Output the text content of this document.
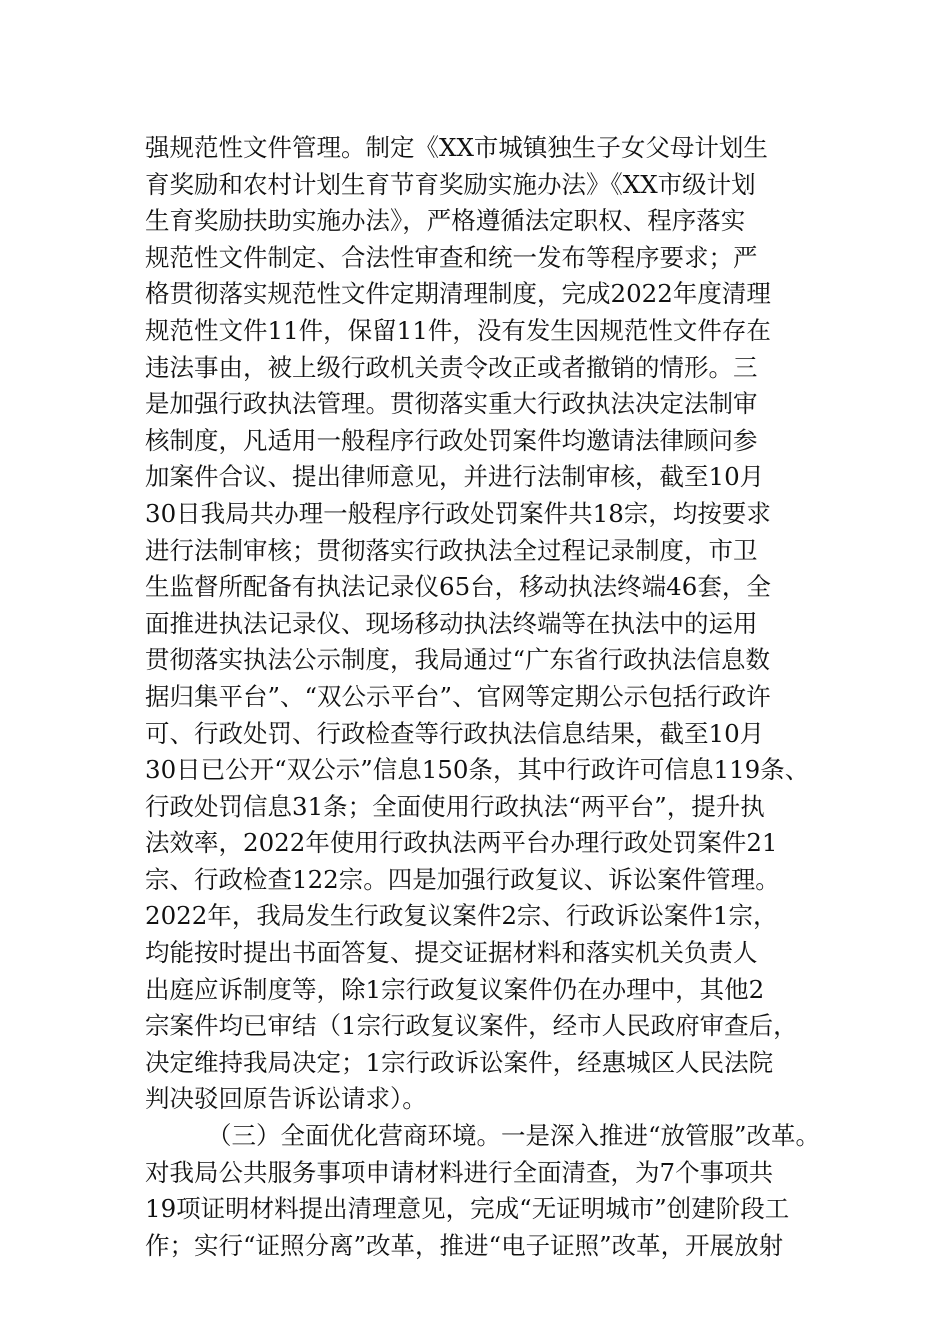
强规范性文件管理。制定《XX市城镇独生子女父母计划生
育奖励和农村计划生育节育奖励实施办法》《XX市级计划
生育奖励扶助实施办法》，严格遵循法定职权、程序落实
规范性文件制定、合法性审查和统一发布等程序要求；严
格贯彻落实规范性文件定期清理制度，完成2022年度清理
规范性文件11件，保留11件，没有发生因规范性文件存在
违法事由，被上级行政机关责令改正或者撤销的情形。三
是加强行政执法管理。贯彻落实重大行政执法决定法制审
核制度，凡适用一般程序行政处罚案件均邀请法律顾问参
加案件合议、提出律师意见，并进行法制审核，截至10月
30日我局共办理一般程序行政处罚案件共18宗，均按要求
进行法制审核；贯彻落实行政执法全过程记录制度，市卫
生监督所配备有执法记录仪65台，移动执法终端46套，全
面推进执法记录仪、现场移动执法终端等在执法中的运用
贯彻落实执法公示制度，我局通过“广东省行政执法信息数
据归集平台”、“双公示平台”、官网等定期公示包括行政许
可、行政处罚、行政检查等行政执法信息结果，截至10月
30日已公开“双公示”信息150条，其中行政许可信息119条、
行政处罚信息31条；全面使用行政执法“两平台”，提升执
法效率，2022年使用行政执法两平台办理行政处罚案件21
宗、行政检查122宗。四是加强行政复议、诉讼案件管理。
2022年，我局发生行政复议案件2宗、行政诉讼案件1宗，
均能按时提出书面答复、提交证据材料和落实机关负责人
出庭应诉制度等，除1宗行政复议案件仍在办理中，其他2
宗案件均已审结（1宗行政复议案件，经市人民政府审查后，
决定维持我局决定；1宗行政诉讼案件，经惠城区人民法院
判决驳回原告诉讼请求）。
（三）全面优化营商环境。一是深入推进“放管服”改革。
对我局公共服务事项申请材料进行全面清查，为7个事项共
19项证明材料提出清理意见，完成“无证明城市”创建阶段工
作；实行“证照分离”改革，推进“电子证照”改革，开展放射
